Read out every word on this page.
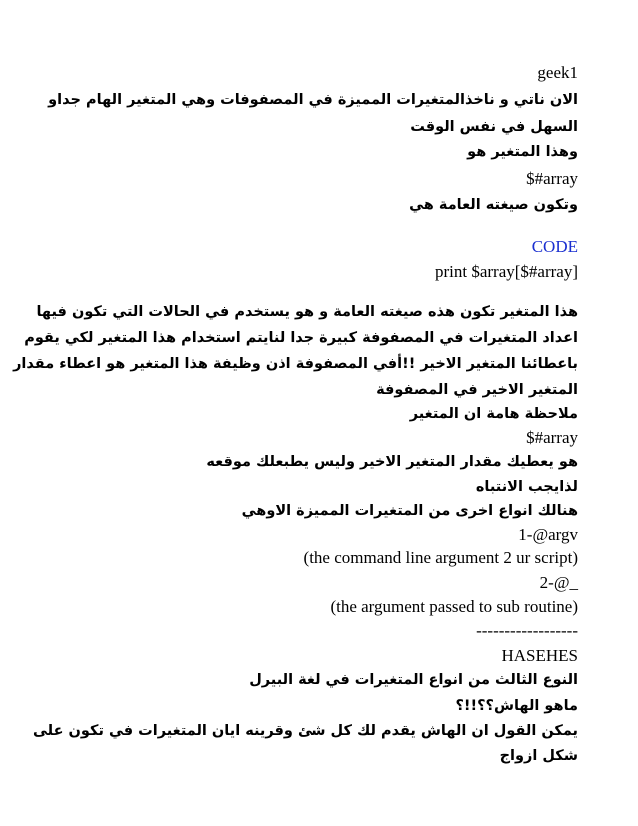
geek1
الان ناتي و ناخذالمتغيرات المميزة في المصفوفات وهي المتغير الهام جداو
السهل في نفس الوقت
وهذا المتغير هو
$#array
وتكون صيغته العامة هي
CODE
print $array[$#array]
هذا المتغير تكون هذه صيغته العامة و هو يستخدم في الحالات التي تكون فيها
اعداد المتغيرات في المصفوفة كبيرة جدا لنايتم استخدام هذا المتغير لكي يقوم
باعطائنا المتغير الاخير !!أفي المصفوفة اذن وظيفة هذا المتغير هو اعطاء مقدار
المتغير الاخير في المصفوفة
ملاحظة هامة ان المتغير
$#array
هو يعطيك مقدار المتغير الاخير وليس يطبعلك موقعه
لذايجب الانتباه
هنالك انواع اخرى من المتغيرات المميزة الاوهي
1-@argv
(the command line argument 2 ur script)
2-@_
(the argument passed to sub routine)
------------------
HASEHES
النوع الثالث من انواع المتغيرات في لغة البيرل
ماهو الهاش؟؟!!؟
يمكن القول ان الهاش يقدم لك كل شئ وقرينه ايان المتغيرات في تكون على
شكل ازواج
